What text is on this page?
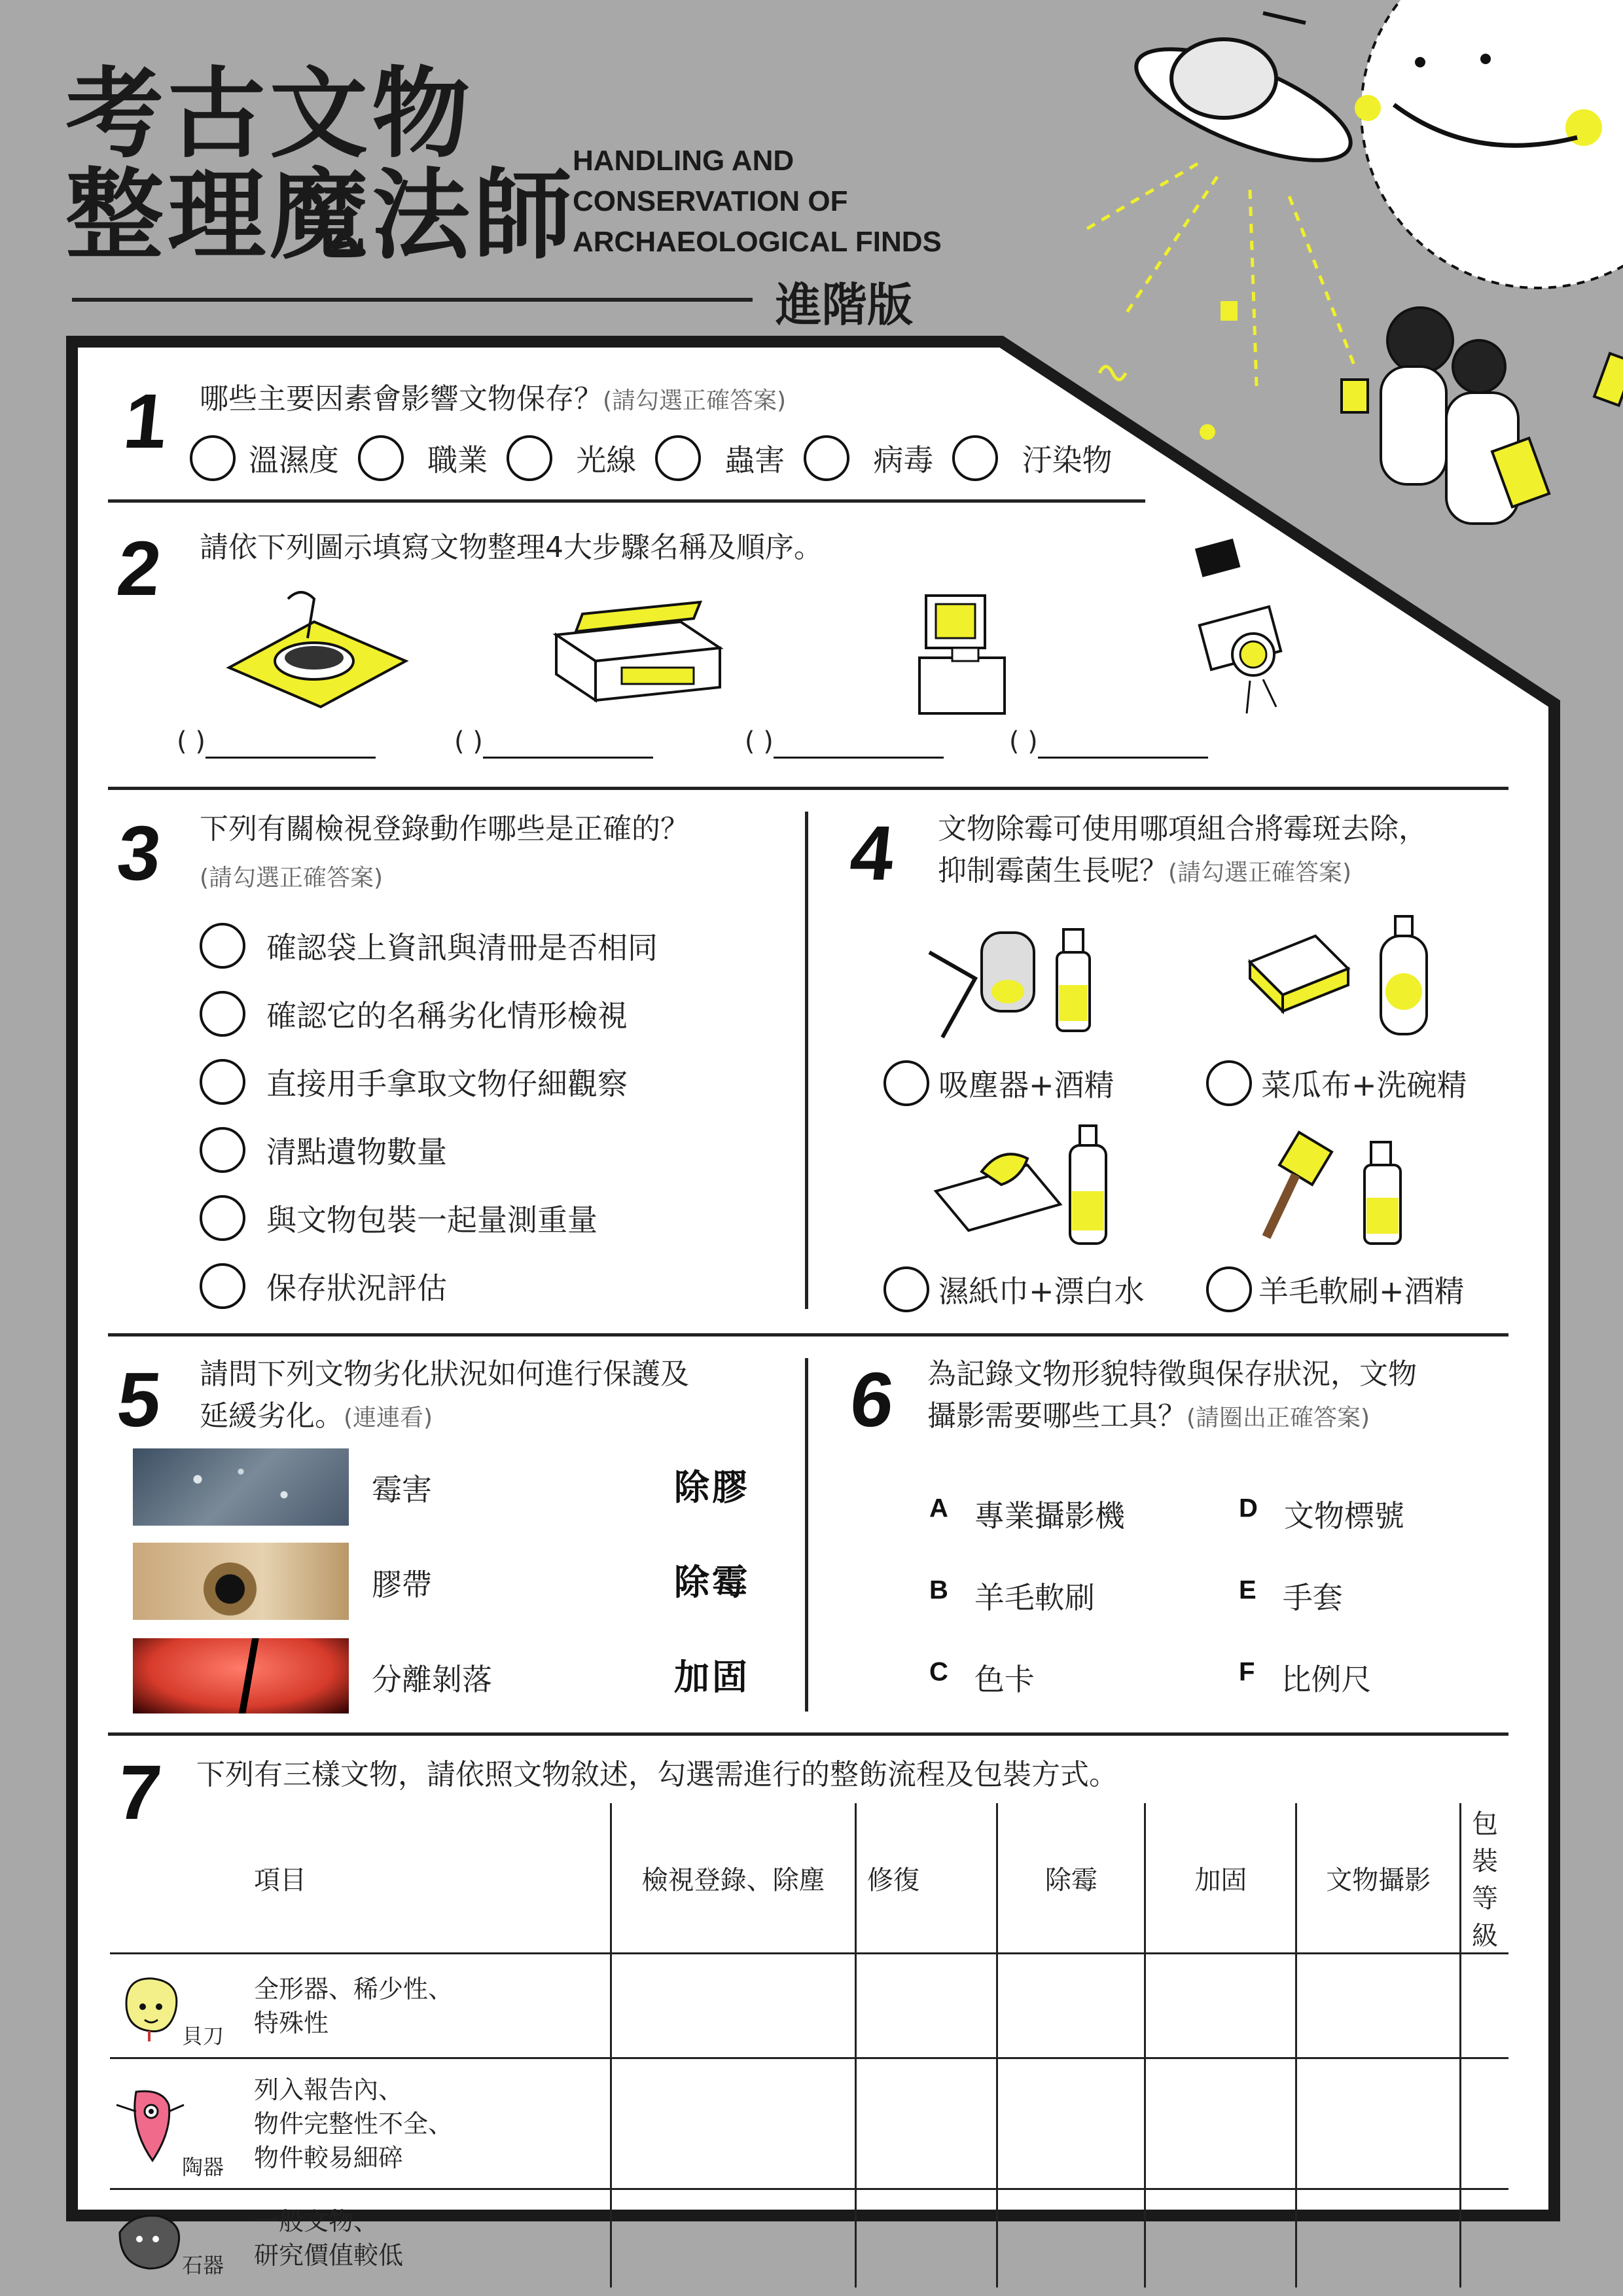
考古文物
整理魔法師
HANDLING AND
CONSERVATION OF
ARCHAEOLOGICAL FINDS
進階版
1 哪些主要因素會影響文物保存？(請勾選正確答案)
溫濕度	職業	光線	蟲害	病毒	汙染物
2 請依下列圖示填寫文物整理4大步驟名稱及順序。
( )	( )	( )	( )
3 下列有關檢視登錄動作哪些是正確的？
(請勾選正確答案)
確認袋上資訊與清冊是否相同
確認它的名稱劣化情形檢視
直接用手拿取文物仔細觀察
清點遺物數量
與文物包裝一起量測重量
保存狀況評估
4 文物除霉可使用哪項組合將霉斑去除，
抑制霉菌生長呢？(請勾選正確答案)
吸塵器+酒精	菜瓜布+洗碗精
濕紙巾+漂白水	羊毛軟刷+酒精
5 請問下列文物劣化狀況如何進行保護及
延緩劣化。(連連看)
霉害
膠帶
分離剝落
除膠
除霉
加固
6 為記錄文物形貌特徵與保存狀況，文物
攝影需要哪些工具？(請圈出正確答案)
A 專業攝影機	D 文物標號
B 羊毛軟刷	E 手套
C 色卡	F 比例尺
7 下列有三樣文物，請依照文物敘述，勾選需進行的整飭流程及包裝方式。
項目	檢視登錄、除塵	修復	除霉	加固	文物攝影	包裝等級

貝刀
全形器、稀少性、
特殊性						

陶器
列入報告內、
物件完整性不全、
物件較易細碎						

石器
一般文物、
研究價值較低						
